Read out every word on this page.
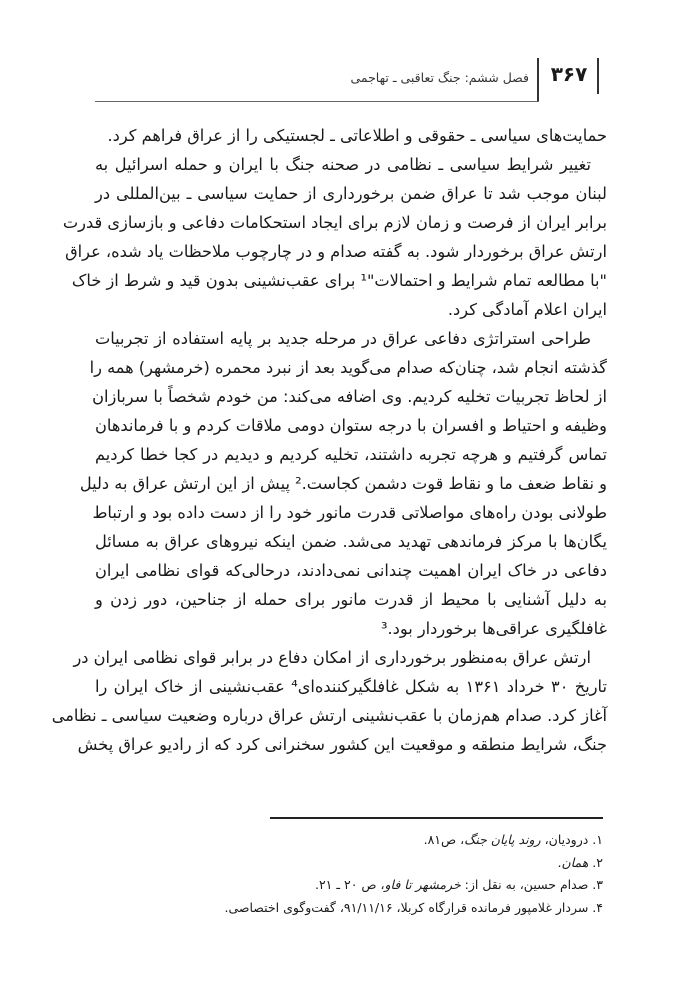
۳۶۷
فصل ششم: جنگ تعاقبی ـ تهاجمی
حمایت‌های سیاسی ـ حقوقی و اطلاعاتی ـ لجستیکی را از عراق فراهم کرد.
تغییر شرایط سیاسی ـ نظامی در صحنه جنگ با ایران و حمله اسرائیل به
لبنان موجب شد تا عراق ضمن برخورداری از حمایت سیاسی ـ بین‌المللی در
برابر ایران از فرصت و زمان لازم برای ایجاد استحکامات دفاعی و بازسازی قدرت
ارتش عراق برخوردار شود. به گفته صدام و در چارچوب ملاحظات یاد شده، عراق
"با مطالعه تمام شرایط و احتمالات"¹ برای عقب‌نشینی بدون قید و شرط از خاک
ایران اعلام آمادگی کرد.
طراحی استراتژی دفاعی عراق در مرحله جدید بر پایه استفاده از تجربیات
گذشته انجام شد، چنان‌که صدام می‌گوید بعد از نبرد محمره (خرمشهر) همه را
از لحاظ تجربیات تخلیه کردیم. وی اضافه می‌کند: من خودم شخصاً با سربازان
وظیفه و احتیاط و افسران با درجه ستوان دومی ملاقات کردم و با فرماندهان
تماس گرفتیم و هرچه تجربه داشتند، تخلیه کردیم و دیدیم در کجا خطا کردیم
و نقاط ضعف ما و نقاط قوت دشمن کجاست.² پیش از این ارتش عراق به دلیل
طولانی بودن راه‌های مواصلاتی قدرت مانور خود را از دست داده بود و ارتباط
یگان‌ها با مرکز فرماندهی تهدید می‌شد. ضمن اینکه نیروهای عراق به مسائل
دفاعی در خاک ایران اهمیت چندانی نمی‌دادند، درحالی‌که قوای نظامی ایران
به دلیل آشنایی با محیط از قدرت مانور برای حمله از جناحین، دور زدن و
غافلگیری عراقی‌ها برخوردار بود.³
ارتش عراق به‌منظور برخورداری از امکان دفاع در برابر قوای نظامی ایران در
تاریخ ۳۰ خرداد ۱۳۶۱ به شکل غافلگیرکننده‌ای⁴ عقب‌نشینی از خاک ایران را
آغاز کرد. صدام هم‌زمان با عقب‌نشینی ارتش عراق درباره وضعیت سیاسی ـ نظامی
جنگ، شرایط منطقه و موقعیت این کشور سخنرانی کرد که از رادیو عراق پخش
۱. درودیان، روند پایان جنگ، ص۸۱.
۲. همان.
۳. صدام حسین، به نقل از: خرمشهر تا فاو، ص ۲۰ ـ ۲۱.
۴. سردار غلامپور فرمانده قرارگاه کربلا، ۹۱/۱۱/۱۶، گفت‌وگوی اختصاصی.
